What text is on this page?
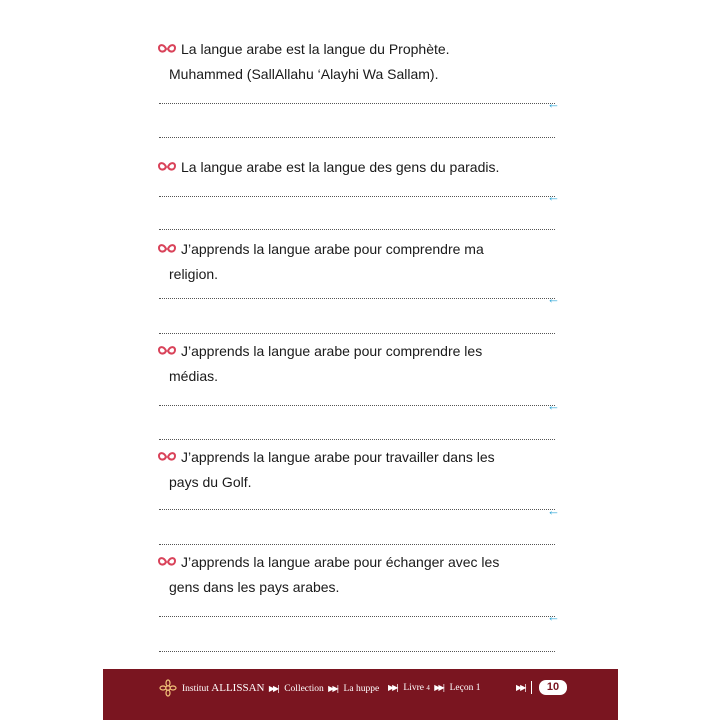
La langue arabe est la langue du Prophète.
Muhammed (SallAllahu ‘Alayhi Wa Sallam).
←
La langue arabe est la langue des gens du paradis.
←
J’apprends la langue arabe pour comprendre ma
religion.
←
J’apprends la langue arabe pour comprendre les
médias.
←
J’apprends la langue arabe pour travailler dans les
pays du Golf.
←
J’apprends la langue arabe pour échanger avec les
gens dans les pays arabes.
←
Institut ALLISSAN ▶▶| Collection ▶▶| La huppe ▶▶| Livre 4 ▶▶| Leçon 1	▶▶|	10
